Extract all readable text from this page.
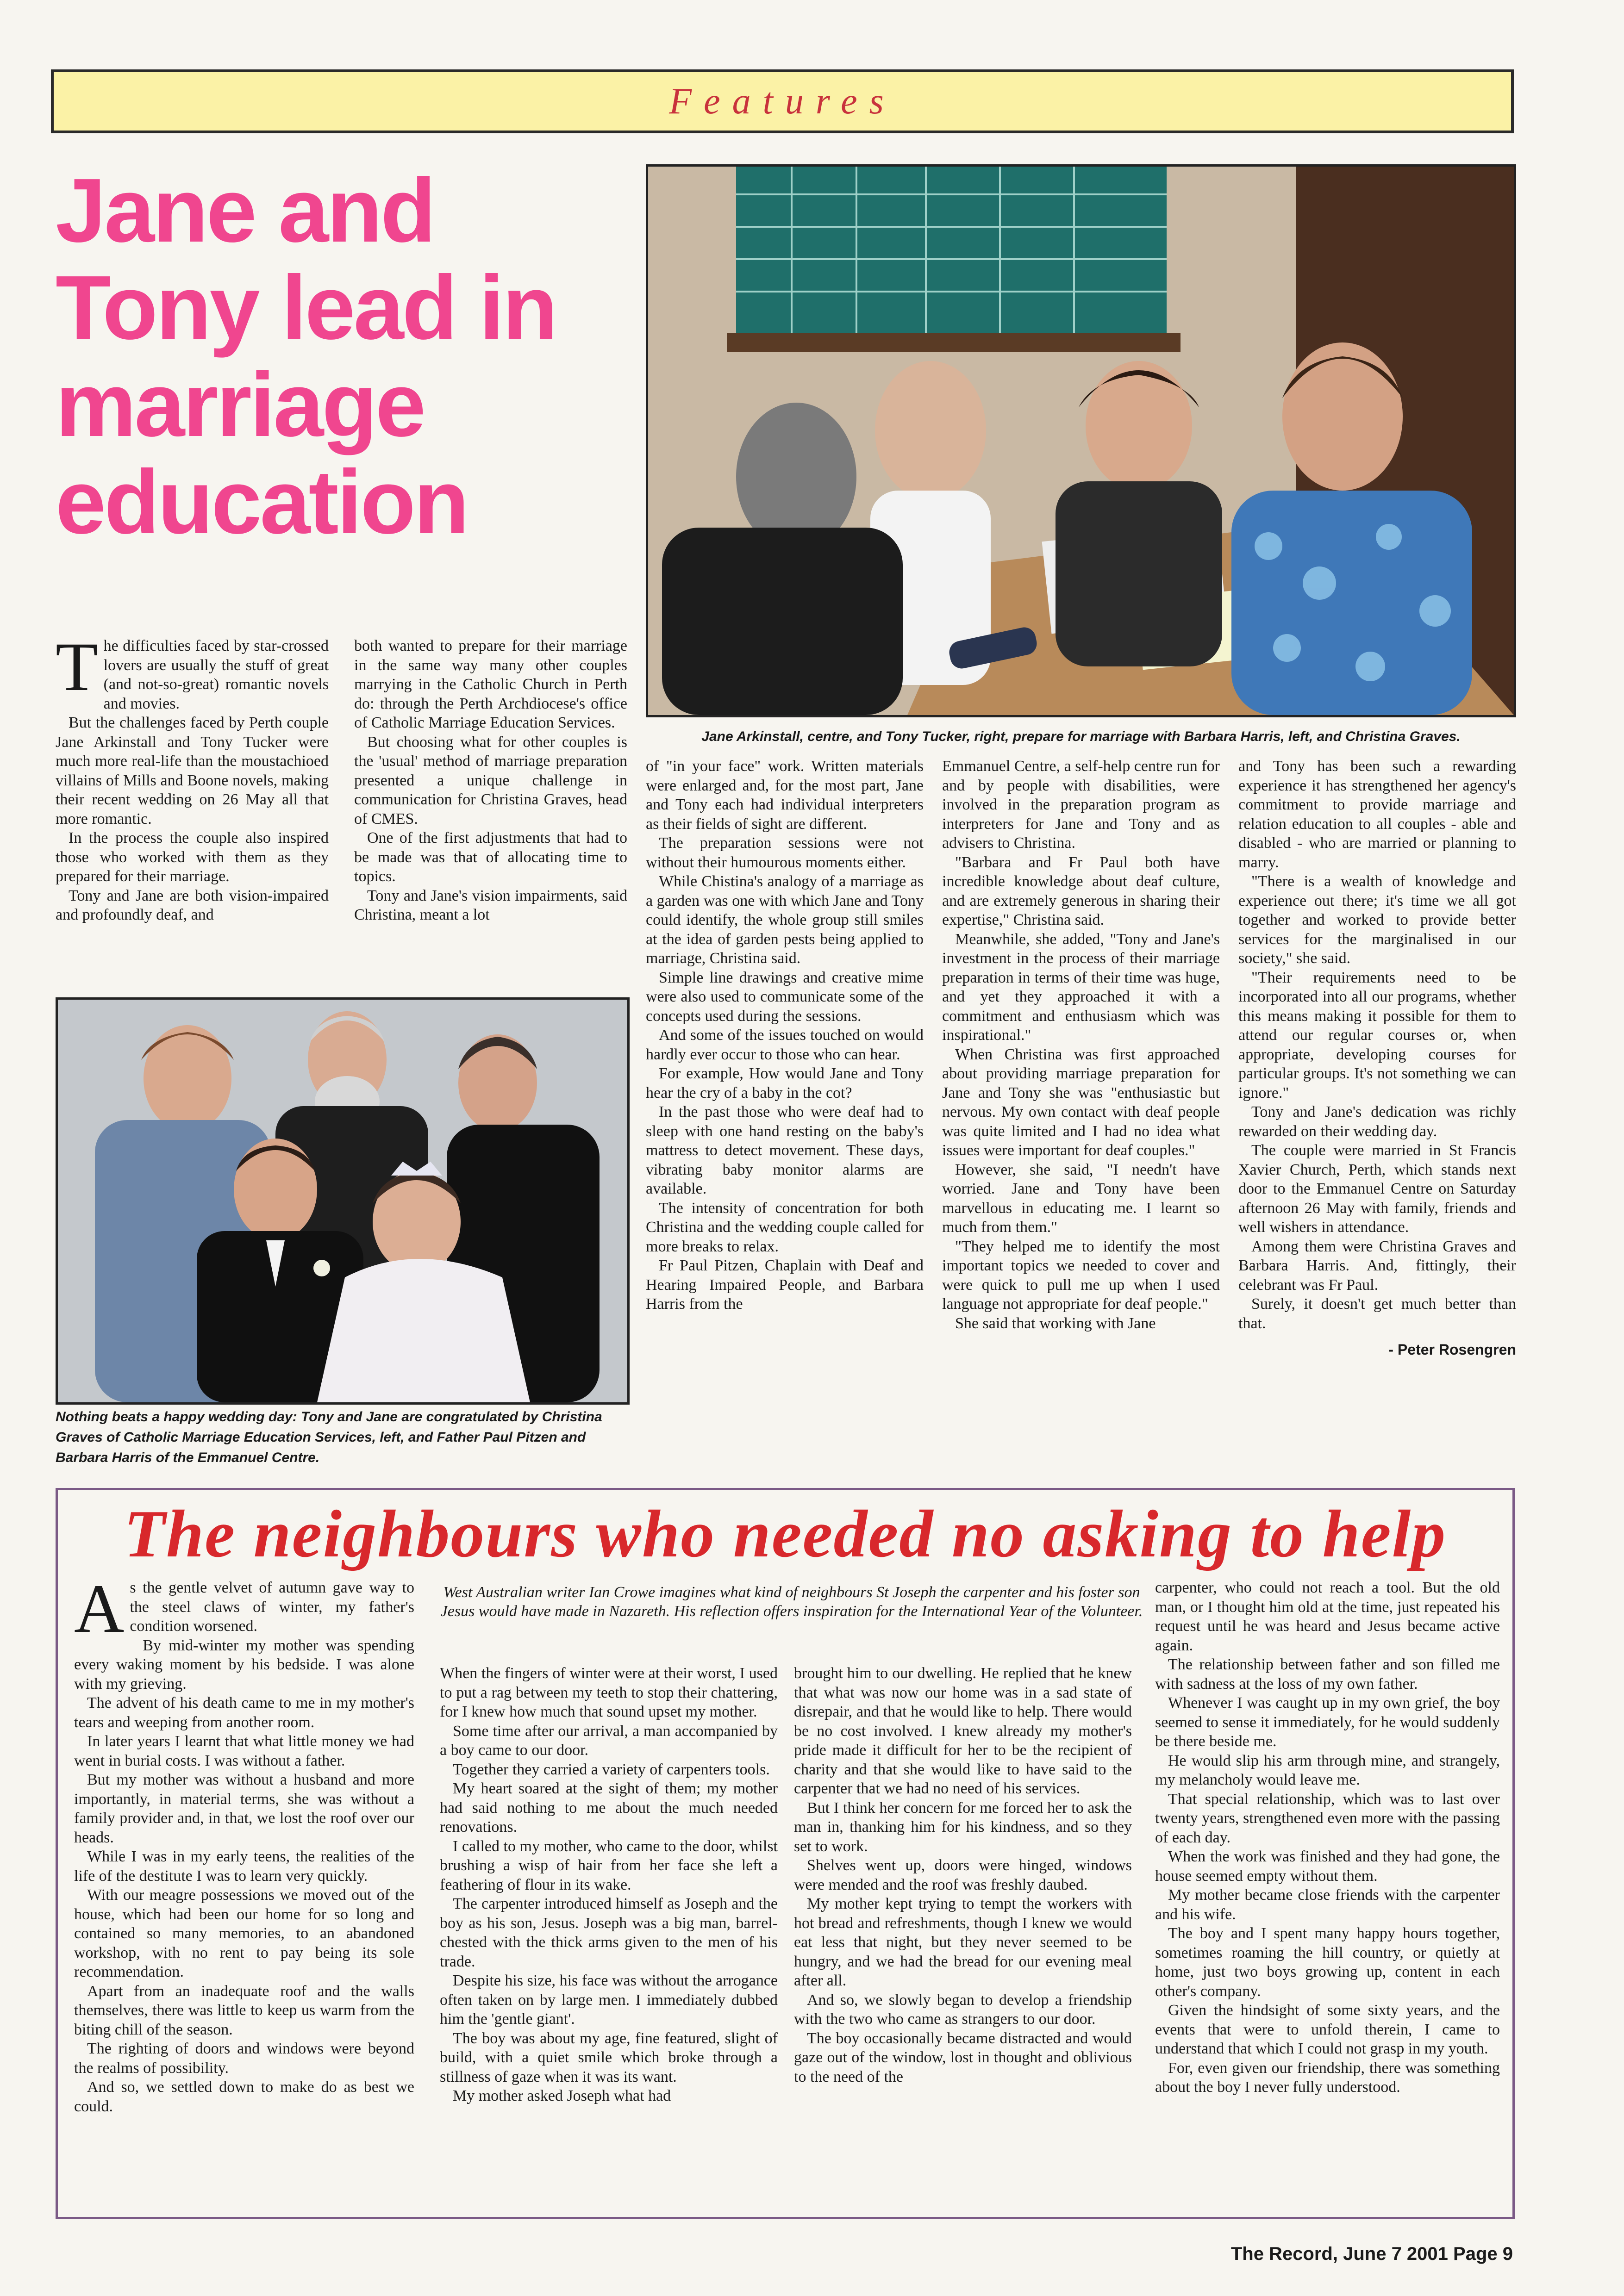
Features
Jane and Tony lead in marriage education
Jane Arkinstall, centre, and Tony Tucker, right, prepare for marriage with Barbara Harris, left, and Christina Graves.
Nothing beats a happy wedding day: Tony and Jane are congratulated by Christina Graves of Catholic Marriage Education Services, left, and Father Paul Pitzen and Barbara Harris of the Emmanuel Centre.

The difficulties faced by star-crossed lovers are usually the stuff of great (and not-so-great) romantic novels and movies.

But the challenges faced by Perth couple Jane Arkinstall and Tony Tucker were much more real-life than the moustachioed villains of Mills and Boone novels, making their recent wedding on 26 May all that more romantic.

In the process the couple also inspired those who worked with them as they prepared for their marriage.

Tony and Jane are both vision-impaired and profoundly deaf, and

both wanted to prepare for their marriage in the same way many other couples marrying in the Catholic Church in Perth do: through the Perth Archdiocese's office of Catholic Marriage Education Services.

But choosing what for other couples is the 'usual' method of marriage preparation presented a unique challenge in communication for Christina Graves, head of CMES.

One of the first adjustments that had to be made was that of allocating time to topics.

Tony and Jane's vision impairments, said Christina, meant a lot

of "in your face" work. Written materials were enlarged and, for the most part, Jane and Tony each had individual interpreters as their fields of sight are different.

The preparation sessions were not without their humourous moments either.

While Chistina's analogy of a marriage as a garden was one with which Jane and Tony could identify, the whole group still smiles at the idea of garden pests being applied to marriage, Christina said.

Simple line drawings and creative mime were also used to communicate some of the concepts used during the sessions.

And some of the issues touched on would hardly ever occur to those who can hear.

For example, How would Jane and Tony hear the cry of a baby in the cot?

In the past those who were deaf had to sleep with one hand resting on the baby's mattress to detect movement. These days, vibrating baby monitor alarms are available.

The intensity of concentration for both Christina and the wedding couple called for more breaks to relax.

Fr Paul Pitzen, Chaplain with Deaf and Hearing Impaired People, and Barbara Harris from the

Emmanuel Centre, a self-help centre run for and by people with disabilities, were involved in the preparation program as interpreters for Jane and Tony and as advisers to Christina.

"Barbara and Fr Paul both have incredible knowledge about deaf culture, and are extremely generous in sharing their expertise," Christina said.

Meanwhile, she added, "Tony and Jane's investment in the process of their marriage preparation in terms of their time was huge, and yet they approached it with a commitment and enthusiasm which was inspirational."

When Christina was first approached about providing marriage preparation for Jane and Tony she was "enthusiastic but nervous. My own contact with deaf people was quite limited and I had no idea what issues were important for deaf couples."

However, she said, "I needn't have worried. Jane and Tony have been marvellous in educating me. I learnt so much from them."

"They helped me to identify the most important topics we needed to cover and were quick to pull me up when I used language not appropriate for deaf people."

She said that working with Jane

and Tony has been such a rewarding experience it has strengthened her agency's commitment to provide marriage and relation education to all couples - able and disabled - who are married or planning to marry.

"There is a wealth of knowledge and experience out there; it's time we all got together and worked to provide better services for the marginalised in our society," she said.

"Their requirements need to be incorporated into all our programs, whether this means making it possible for them to attend our regular courses or, when appropriate, developing courses for particular groups. It's not something we can ignore."

Tony and Jane's dedication was richly rewarded on their wedding day.

The couple were married in St Francis Xavier Church, Perth, which stands next door to the Emmanuel Centre on Saturday afternoon 26 May with family, friends and well wishers in attendance.

Among them were Christina Graves and Barbara Harris. And, fittingly, their celebrant was Fr Paul.

Surely, it doesn't get much better than that.

- Peter Rosengren
The neighbours who needed no asking to help
West Australian writer Ian Crowe imagines what kind of neighbours St Joseph the carpenter and his foster son Jesus would have made in Nazareth. His reflection offers inspiration for the International Year of the Volunteer.

As the gentle velvet of autumn gave way to the steel claws of winter, my father's condition worsened.

By mid-winter my mother was spending every waking moment by his bedside. I was alone with my grieving.

The advent of his death came to me in my mother's tears and weeping from another room.

In later years I learnt that what little money we had went in burial costs. I was without a father.

But my mother was without a husband and more importantly, in material terms, she was without a family provider and, in that, we lost the roof over our heads.

While I was in my early teens, the realities of the life of the destitute I was to learn very quickly.

With our meagre possessions we moved out of the house, which had been our home for so long and contained so many memories, to an abandoned workshop, with no rent to pay being its sole recommendation.

Apart from an inadequate roof and the walls themselves, there was little to keep us warm from the biting chill of the season.

The righting of doors and windows were beyond the realms of possibility.

And so, we settled down to make do as best we could.

When the fingers of winter were at their worst, I used to put a rag between my teeth to stop their chattering, for I knew how much that sound upset my mother.

Some time after our arrival, a man accompanied by a boy came to our door.

Together they carried a variety of carpenters tools.

My heart soared at the sight of them; my mother had said nothing to me about the much needed renovations.

I called to my mother, who came to the door, whilst brushing a wisp of hair from her face she left a feathering of flour in its wake.

The carpenter introduced himself as Joseph and the boy as his son, Jesus. Joseph was a big man, barrel-chested with the thick arms given to the men of his trade.

Despite his size, his face was without the arrogance often taken on by large men. I immediately dubbed him the 'gentle giant'.

The boy was about my age, fine featured, slight of build, with a quiet smile which broke through a stillness of gaze when it was its want.

My mother asked Joseph what had

brought him to our dwelling. He replied that he knew that what was now our home was in a sad state of disrepair, and that he would like to help. There would be no cost involved. I knew already my mother's pride made it difficult for her to be the recipient of charity and that she would like to have said to the carpenter that we had no need of his services.

But I think her concern for me forced her to ask the man in, thanking him for his kindness, and so they set to work.

Shelves went up, doors were hinged, windows were mended and the roof was freshly daubed.

My mother kept trying to tempt the workers with hot bread and refreshments, though I knew we would eat less that night, but they never seemed to be hungry, and we had the bread for our evening meal after all.

And so, we slowly began to develop a friendship with the two who came as strangers to our door.

The boy occasionally became distracted and would gaze out of the window, lost in thought and oblivious to the need of the

carpenter, who could not reach a tool. But the old man, or I thought him old at the time, just repeated his request until he was heard and Jesus became active again.

The relationship between father and son filled me with sadness at the loss of my own father.

Whenever I was caught up in my own grief, the boy seemed to sense it immediately, for he would suddenly be there beside me.

He would slip his arm through mine, and strangely, my melancholy would leave me.

That special relationship, which was to last over twenty years, strengthened even more with the passing of each day.

When the work was finished and they had gone, the house seemed empty without them.

My mother became close friends with the carpenter and his wife.

The boy and I spent many happy hours together, sometimes roaming the hill country, or quietly at home, just two boys growing up, content in each other's company.

Given the hindsight of some sixty years, and the events that were to unfold therein, I came to understand that which I could not grasp in my youth.

For, even given our friendship, there was something about the boy I never fully understood.

The Record, June 7 2001 Page 9
